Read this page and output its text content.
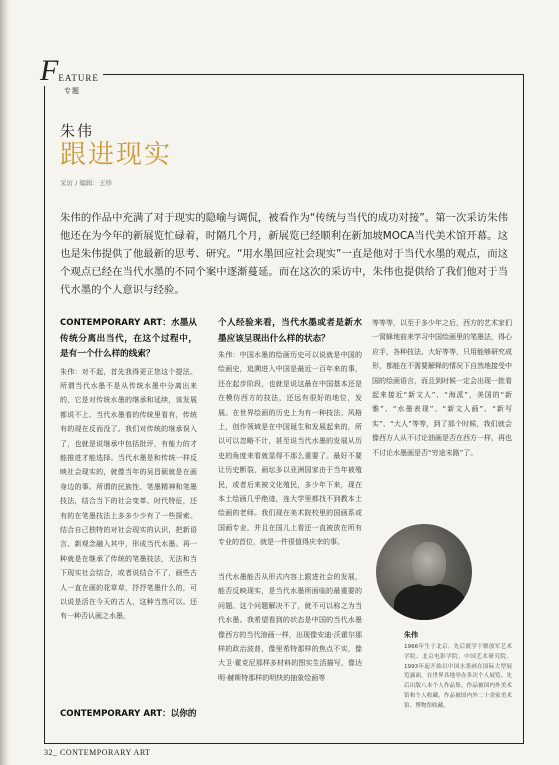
$F_{EATURE}$
专题
朱伟
跟进现实
采访 / 编辑：王珍

朱伟的作品中充满了对于现实的隐喻与调侃，被看作为“传统与当代的成功对接”。第一次采访朱伟他还在为今年的新展览忙碌着，时隔几个月，新展览已经顺利在新加坡MOCA当代美术馆开幕。这也是朱伟提供了他最新的思考、研究。“用水墨回应社会现实”一直是他对于当代水墨的观点，而这个观点已经在当代水墨的不同个案中逐渐蔓延。而在这次的采访中，朱伟也提供给了我们他对于当代水墨的个人意识与经验。

CONTEMPORARY ART：水墨从传统分离出当代，在这个过程中，是有一个什么样的线索？

朱伟：对不起，首先我得更正您这个提法。所谓当代水墨不是从传统水墨中分离出来的，它是对传统水墨的继承和延续，该发展都说不上。当代水墨看的传统里看有，传统有的现在反而没了。我们对传统的继承误入了，也就是说继承中包括批评，有能力的才能推进才能选择。当代水墨是和传统一样反映社会现实的，就像当年的吴昌硕就是在画身边的事。所谓的民族性、笔墨精神和笔墨技法，结合当下的社会变革、时代特征，还有的在笔墨技法上多多少少有了一些探索。结合自己独特的对社会现实的认识，把新语言、新观念融入其中，形成当代水墨。再一种就是在继承了传统的笔墨技法，无法和当下现实社会结合，或者说结合不了，画些古人一直在画的花草草，抒抒笔墨什么的，可以说是活在今天的古人，这种当然可以。还有一种否认画之水墨，

CONTEMPORARY ART：以你的

个人经验来看，当代水墨或者是新水墨应该呈现出什么样的状态？

朱伟：中国水墨的绘画历史可以说就是中国的绘画史，追溯进入中国是最近一百年来的事，还在起步阶段，也就是说这最在中国基本还是在模仿西方的技法，还远有很好的地位，发展。在世界绘画的历史上为有一种技法、风格上，创作领域是在中国诞生和发展起来的，所以可以忽略不计，甚至说当代水墨的发展从历史的角度来看就显得不那么重要了。最好不要让历史断裂，画坛多以亚洲国家由于当年被殖民，或者后来被文化殖民，多少年下来，现在本土绘画几乎绝迹，连大学里都找不到教本土绘画的老师。我们现在美术院校里的国画系或国画专业，并且在国儿上看还一直被放在所有专业的首位，就是一件很值得庆幸的事。

当代水墨能否从形式内容上跟进社会的发展，能否反映现实，是当代水墨所面临的最重要的问题。这个问题解决不了，就不可以称之为当代水墨。我希望看到的状态是中国的当代水墨像西方的当代油画一样，出现像安迪·沃霍尔那样的政治波普，像里希特那样的焦点不实，像大卫·霍克尼那样多材料的图实生活描写，像达明·赫斯特那样的明快的抽象绘画等

等等等，以至于多少年之后，西方的艺术家们一窝蜂地前来学习中国绘画里的笔墨法，得心应手，各种技法、大好等等，只用能够研究成形，都能在不需要解释的情况下自然地接受中国的绘画语言，而且到时候一定会出现一批看起来接近“新文人”、“海派”，美国的“新雅”、“水墨表现”、“新文人画”、“新写实”、“大人”等等，到了那个时候，我们就会像西方人从不讨论油画是否在西方一样，再也不讨论水墨画是否“穷途末路”了。

朱伟

1966年生于北京。先后就学于解放军艺术学院、北京电影学院、中国艺术研究院。1993年起开始以中国水墨画在国际大型展览露面。在世界各地举办多次个人展览。先后出版八本个人作品集。作品被国内外美术馆和个人收藏。作品被国内外二十余家美术馆、博物馆收藏。

32_ CONTEMPORARY ART
